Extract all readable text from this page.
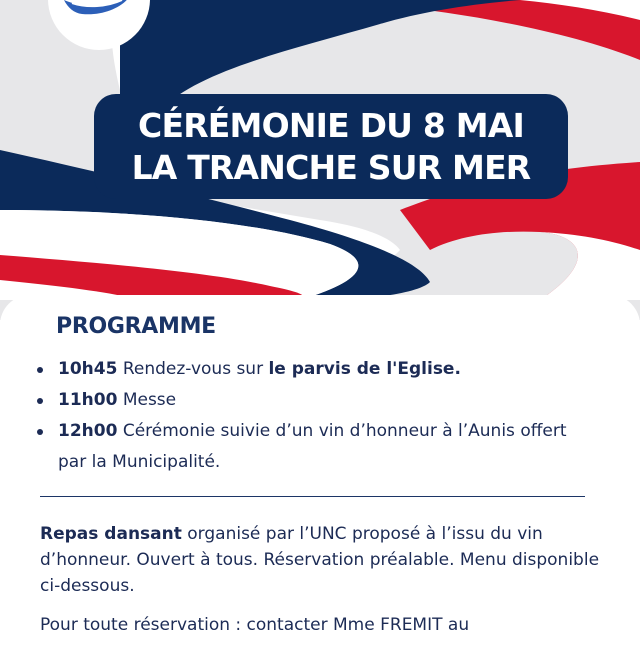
CÉRÉMONIE DU 8 MAI
LA TRANCHE SUR MER
PROGRAMME
10h45 Rendez-vous sur le parvis de l'Eglise.
11h00 Messe
12h00 Cérémonie suivie d’un vin d’honneur à l’Aunis offert par la Municipalité.
Repas dansant organisé par l’UNC proposé à l’issu du vin d’honneur. Ouvert à tous. Réservation préalable. Menu disponible ci-dessous.
Pour toute réservation : contacter Mme FREMIT au
